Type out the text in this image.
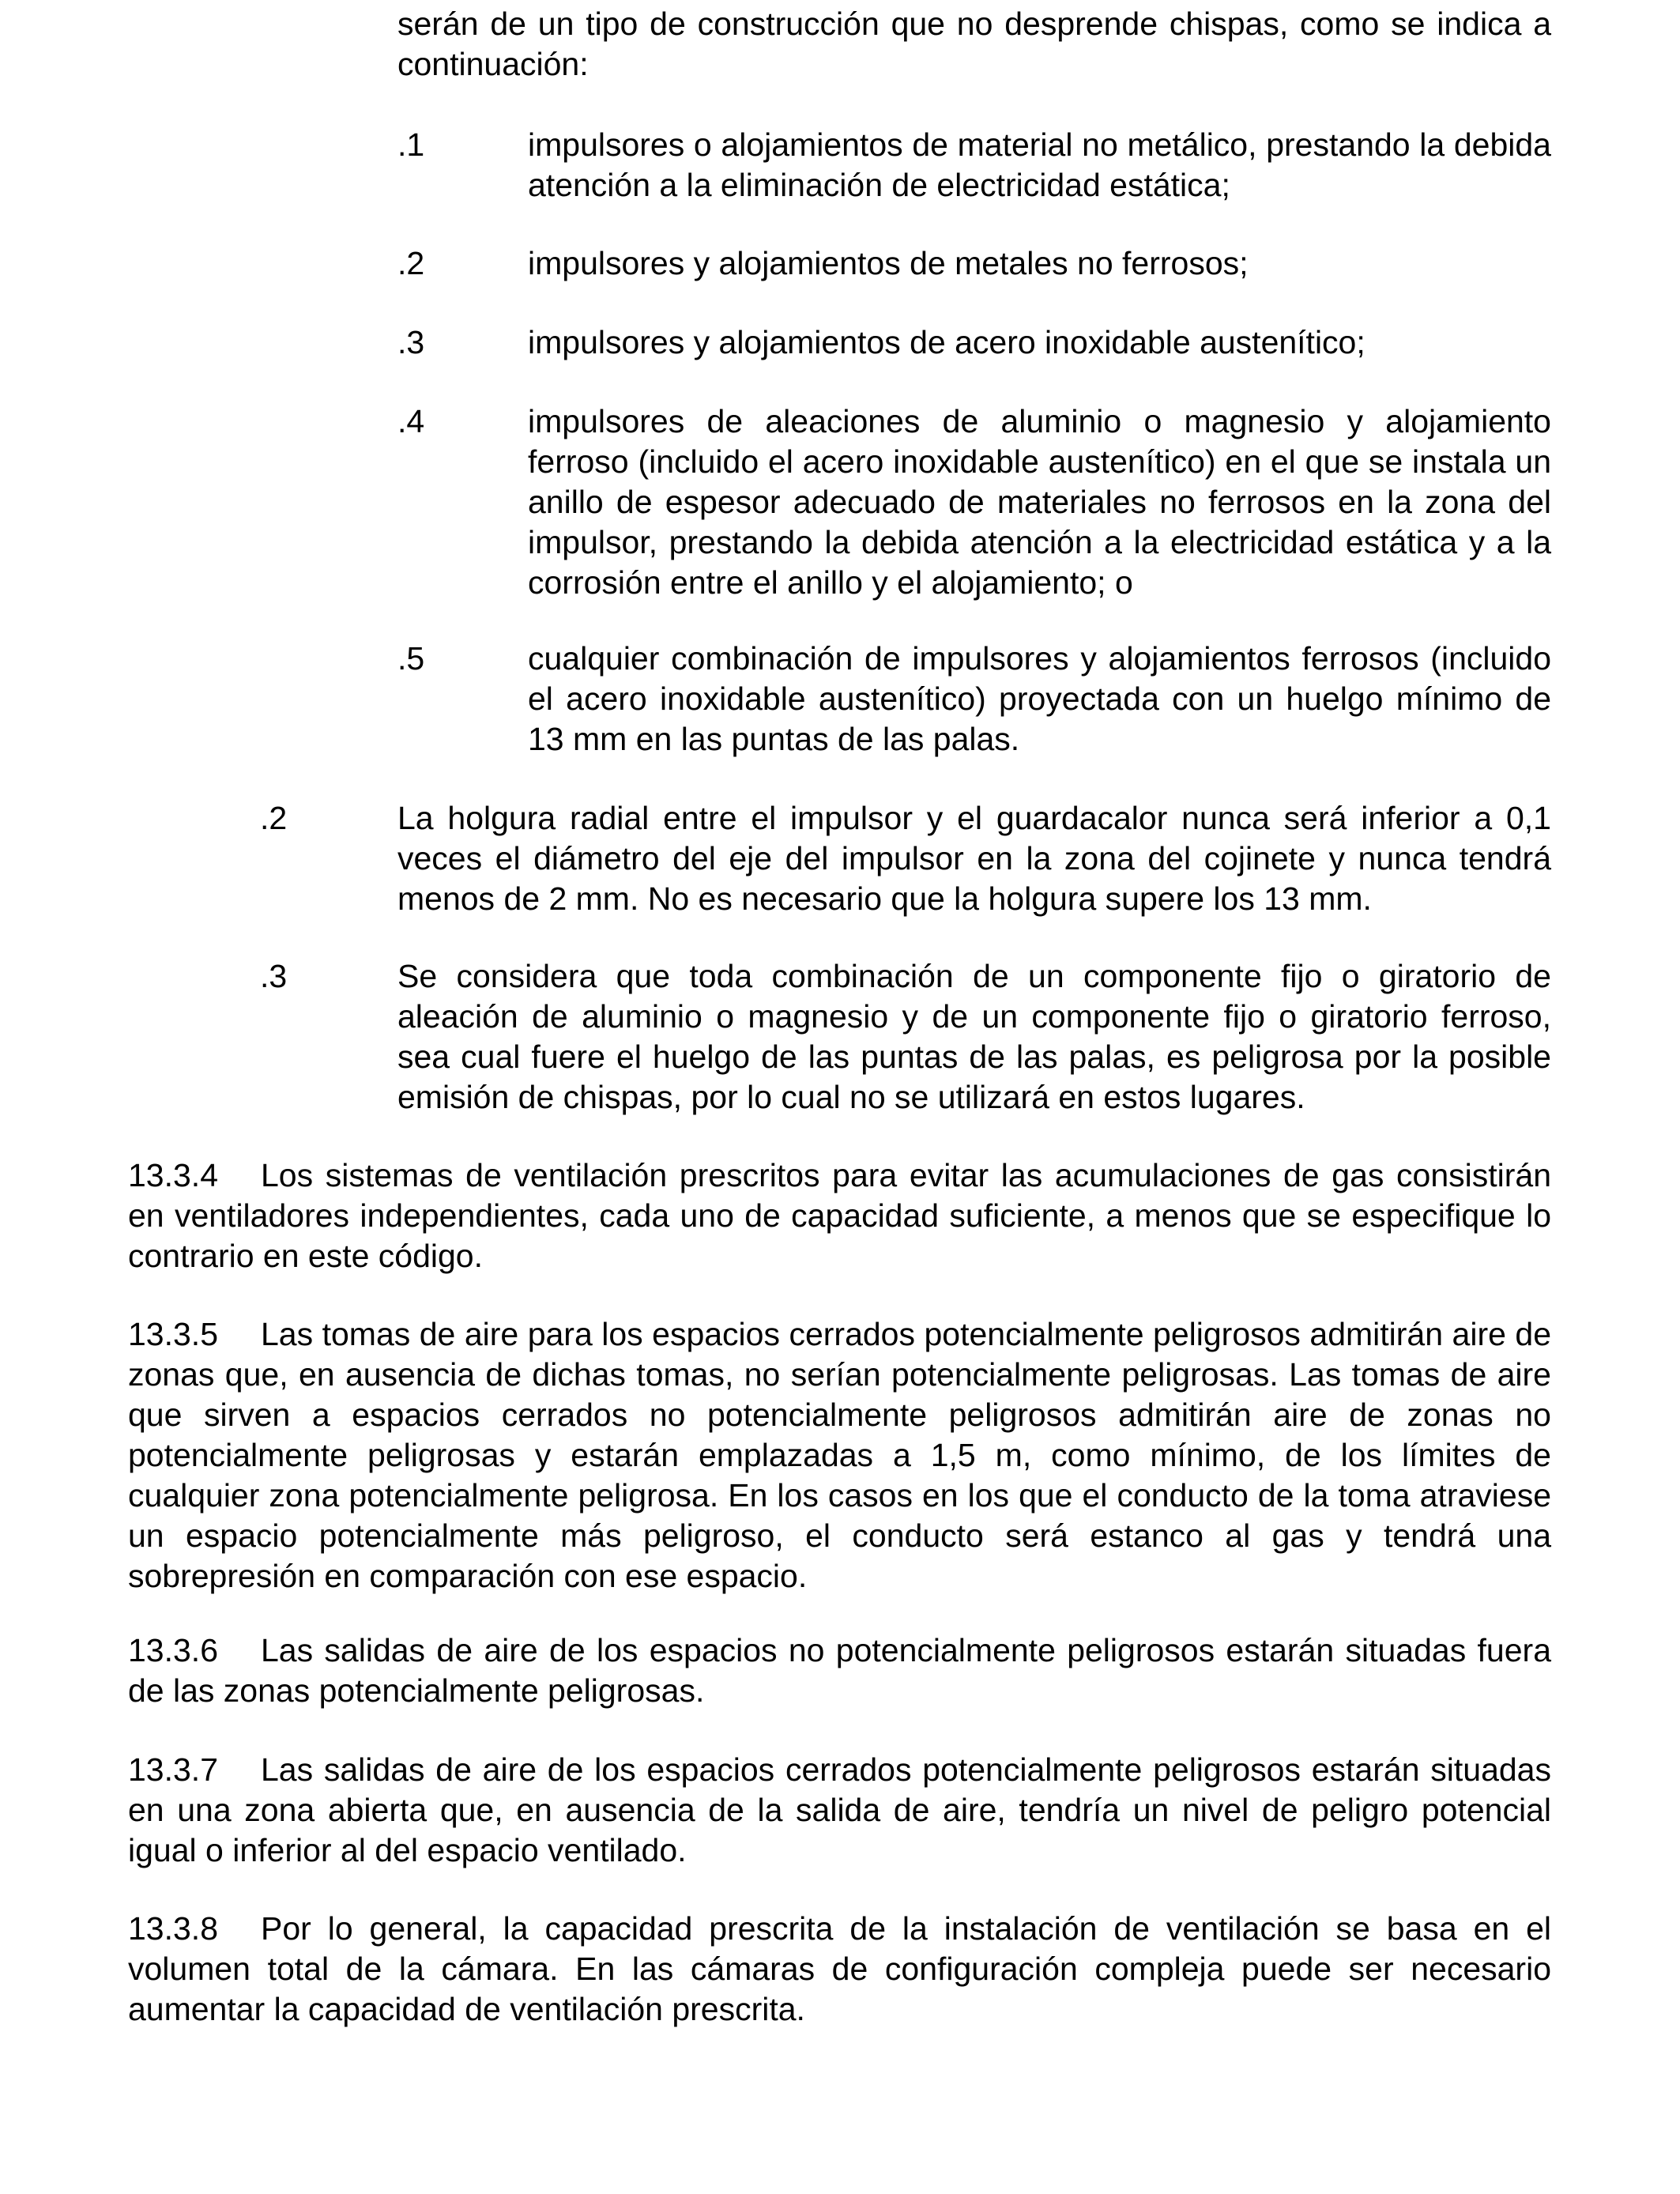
serán de un tipo de construcción que no desprende chispas, como se indica a continuación:
.1	impulsores o alojamientos de material no metálico, prestando la debida atención a la eliminación de electricidad estática;
.2	impulsores y alojamientos de metales no ferrosos;
.3	impulsores y alojamientos de acero inoxidable austenítico;
.4	impulsores de aleaciones de aluminio o magnesio y alojamiento ferroso (incluido el acero inoxidable austenítico) en el que se instala un anillo de espesor adecuado de materiales no ferrosos en la zona del impulsor, prestando la debida atención a la electricidad estática y a la corrosión entre el anillo y el alojamiento; o
.5	cualquier combinación de impulsores y alojamientos ferrosos (incluido el acero inoxidable austenítico) proyectada con un huelgo mínimo de 13 mm en las puntas de las palas.
.2	La holgura radial entre el impulsor y el guardacalor nunca será inferior a 0,1 veces el diámetro del eje del impulsor en la zona del cojinete y nunca tendrá menos de 2 mm. No es necesario que la holgura supere los 13 mm.
.3	Se considera que toda combinación de un componente fijo o giratorio de aleación de aluminio o magnesio y de un componente fijo o giratorio ferroso, sea cual fuere el huelgo de las puntas de las palas, es peligrosa por la posible emisión de chispas, por lo cual no se utilizará en estos lugares.
13.3.4 Los sistemas de ventilación prescritos para evitar las acumulaciones de gas consistirán en ventiladores independientes, cada uno de capacidad suficiente, a menos que se especifique lo contrario en este código.
13.3.5 Las tomas de aire para los espacios cerrados potencialmente peligrosos admitirán aire de zonas que, en ausencia de dichas tomas, no serían potencialmente peligrosas. Las tomas de aire que sirven a espacios cerrados no potencialmente peligrosos admitirán aire de zonas no potencialmente peligrosas y estarán emplazadas a 1,5 m, como mínimo, de los límites de cualquier zona potencialmente peligrosa. En los casos en los que el conducto de la toma atraviese un espacio potencialmente más peligroso, el conducto será estanco al gas y tendrá una sobrepresión en comparación con ese espacio.
13.3.6 Las salidas de aire de los espacios no potencialmente peligrosos estarán situadas fuera de las zonas potencialmente peligrosas.
13.3.7 Las salidas de aire de los espacios cerrados potencialmente peligrosos estarán situadas en una zona abierta que, en ausencia de la salida de aire, tendría un nivel de peligro potencial igual o inferior al del espacio ventilado.
13.3.8 Por lo general, la capacidad prescrita de la instalación de ventilación se basa en el volumen total de la cámara. En las cámaras de configuración compleja puede ser necesario aumentar la capacidad de ventilación prescrita.
